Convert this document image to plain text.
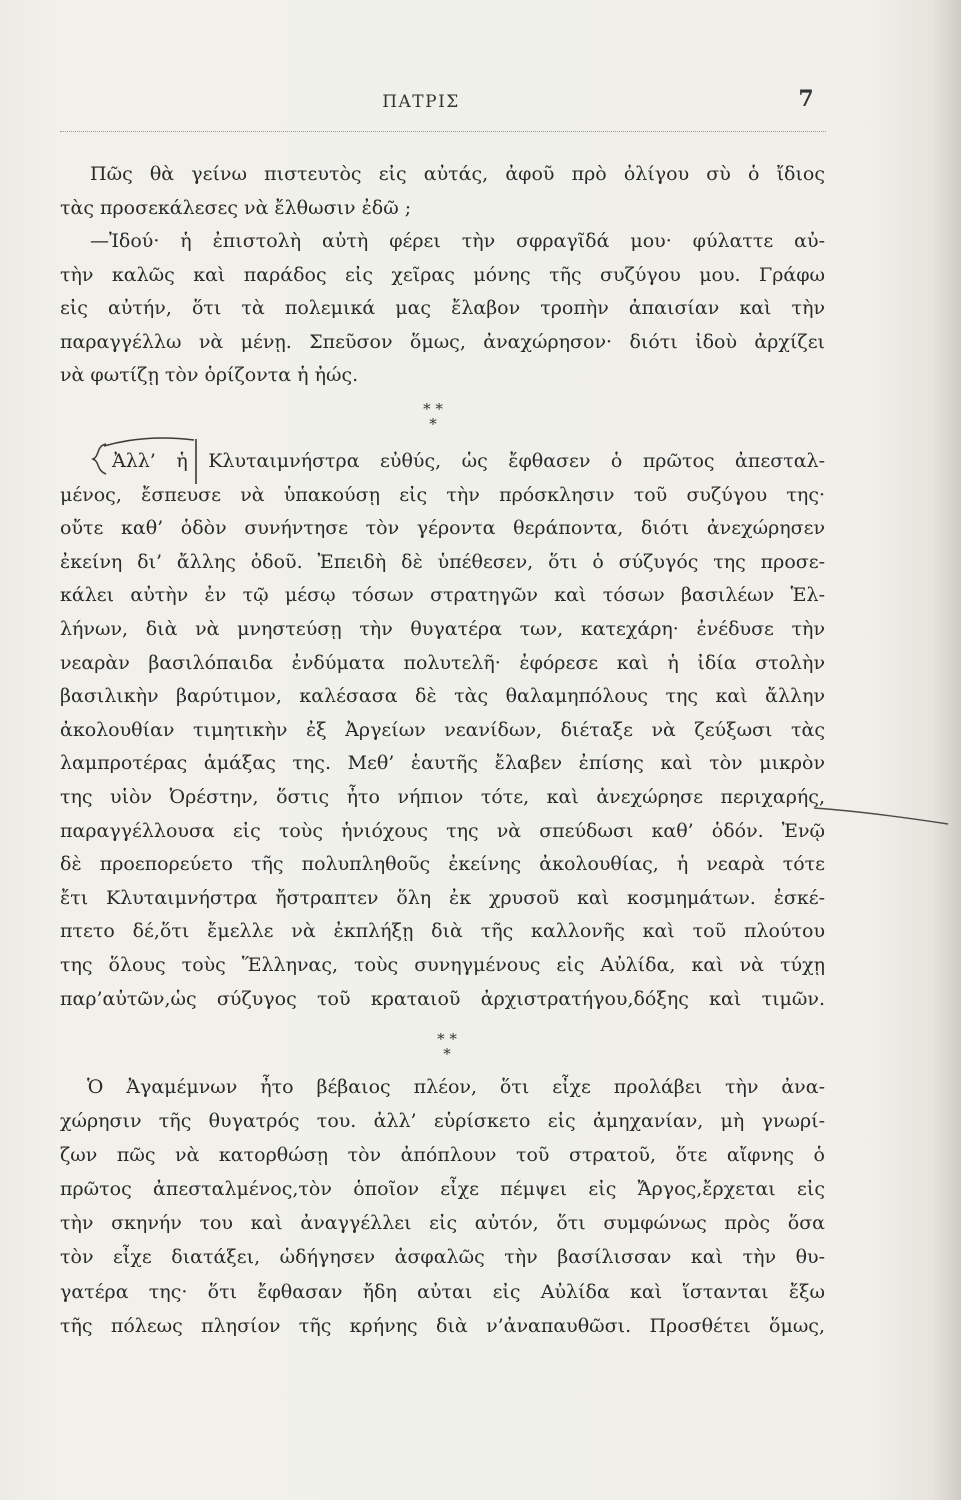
ΠΑΤΡΙΣ	7
Πῶς θὰ γείνω πιστευτὸς εἰς αὐτάς, ἀφοῦ πρὸ ὀλίγου σὺ ὁ ἴδιος
τὰς προσεκάλεσες νὰ ἔλθωσιν ἐδῶ ;
—Ἰδού· ἡ ἐπιστολὴ αὐτὴ φέρει τὴν σφραγῖδά μου· φύλαττε αὐ-
τὴν καλῶς καὶ παράδος εἰς χεῖρας μόνης τῆς συζύγου μου. Γράφω
εἰς αὐτήν, ὅτι τὰ πολεμικά μας ἔλαβον τροπὴν ἀπαισίαν καὶ τὴν
παραγγέλλω νὰ μένῃ. Σπεῦσον ὅμως, ἀναχώρησον· διότι ἰδοὺ ἀρχίζει
νὰ φωτίζῃ τὸν ὁρίζοντα ἡ ἠώς.
* *
*
Ἀλλ’ ἡ Κλυταιμνήστρα εὐθύς, ὡς ἔφθασεν ὁ πρῶτος ἀπεσταλ-
μένος, ἔσπευσε νὰ ὑπακούσῃ εἰς τὴν πρόσκλησιν τοῦ συζύγου της·
οὔτε καθ’ ὁδὸν συνήντησε τὸν γέροντα θεράποντα, διότι ἀνεχώρησεν
ἐκείνη δι’ ἄλλης ὁδοῦ. Ἐπειδὴ δὲ ὑπέθεσεν, ὅτι ὁ σύζυγός της προσε-
κάλει αὐτὴν ἐν τῷ μέσῳ τόσων στρατηγῶν καὶ τόσων βασιλέων Ἑλ-
λήνων, διὰ νὰ μνηστεύσῃ τὴν θυγατέρα των, κατεχάρη· ἐνέδυσε τὴν
νεαρὰν βασιλόπαιδα ἐνδύματα πολυτελῆ· ἐφόρεσε καὶ ἡ ἰδία στολὴν
βασιλικὴν βαρύτιμον, καλέσασα δὲ τὰς θαλαμηπόλους της καὶ ἄλλην
ἀκολουθίαν τιμητικὴν ἐξ Ἀργείων νεανίδων, διέταξε νὰ ζεύξωσι τὰς
λαμπροτέρας ἁμάξας της. Μεθ’ ἑαυτῆς ἔλαβεν ἐπίσης καὶ τὸν μικρὸν
της υἱὸν Ὀρέστην, ὅστις ἦτο νήπιον τότε, καὶ ἀνεχώρησε περιχαρής,
παραγγέλλουσα εἰς τοὺς ἡνιόχους της νὰ σπεύδωσι καθ’ ὁδόν. Ἐνῷ
δὲ προεπορεύετο τῆς πολυπληθοῦς ἐκείνης ἀκολουθίας, ἡ νεαρὰ τότε
ἔτι Κλυταιμνήστρα ἤστραπτεν ὅλη ἐκ χρυσοῦ καὶ κοσμημάτων. ἐσκέ-
πτετο δέ,ὅτι ἔμελλε νὰ ἐκπλήξῃ διὰ τῆς καλλονῆς καὶ τοῦ πλούτου
της ὅλους τοὺς Ἕλληνας, τοὺς συνηγμένους εἰς Αὐλίδα, καὶ νὰ τύχῃ
παρ’αὐτῶν,ὡς σύζυγος τοῦ κραταιοῦ ἀρχιστρατήγου,δόξης καὶ τιμῶν.
* *
*
Ὁ Ἀγαμέμνων ἦτο βέβαιος πλέον, ὅτι εἶχε προλάβει τὴν ἀνα-
χώρησιν τῆς θυγατρός του. ἀλλ’ εὑρίσκετο εἰς ἀμηχανίαν, μὴ γνωρί-
ζων πῶς νὰ κατορθώσῃ τὸν ἀπόπλουν τοῦ στρατοῦ, ὅτε αἴφνης ὁ
πρῶτος ἀπεσταλμένος,τὸν ὁποῖον εἶχε πέμψει εἰς Ἄργος,ἔρχεται εἰς
τὴν σκηνήν του καὶ ἀναγγέλλει εἰς αὐτόν, ὅτι συμφώνως πρὸς ὅσα
τὸν εἶχε διατάξει, ὡδήγησεν ἀσφαλῶς τὴν βασίλισσαν καὶ τὴν θυ-
γατέρα της· ὅτι ἔφθασαν ἤδη αὐται εἰς Αὐλίδα καὶ ἵστανται ἔξω
τῆς πόλεως πλησίον τῆς κρήνης διὰ ν’ἀναπαυθῶσι. Προσθέτει ὅμως,
